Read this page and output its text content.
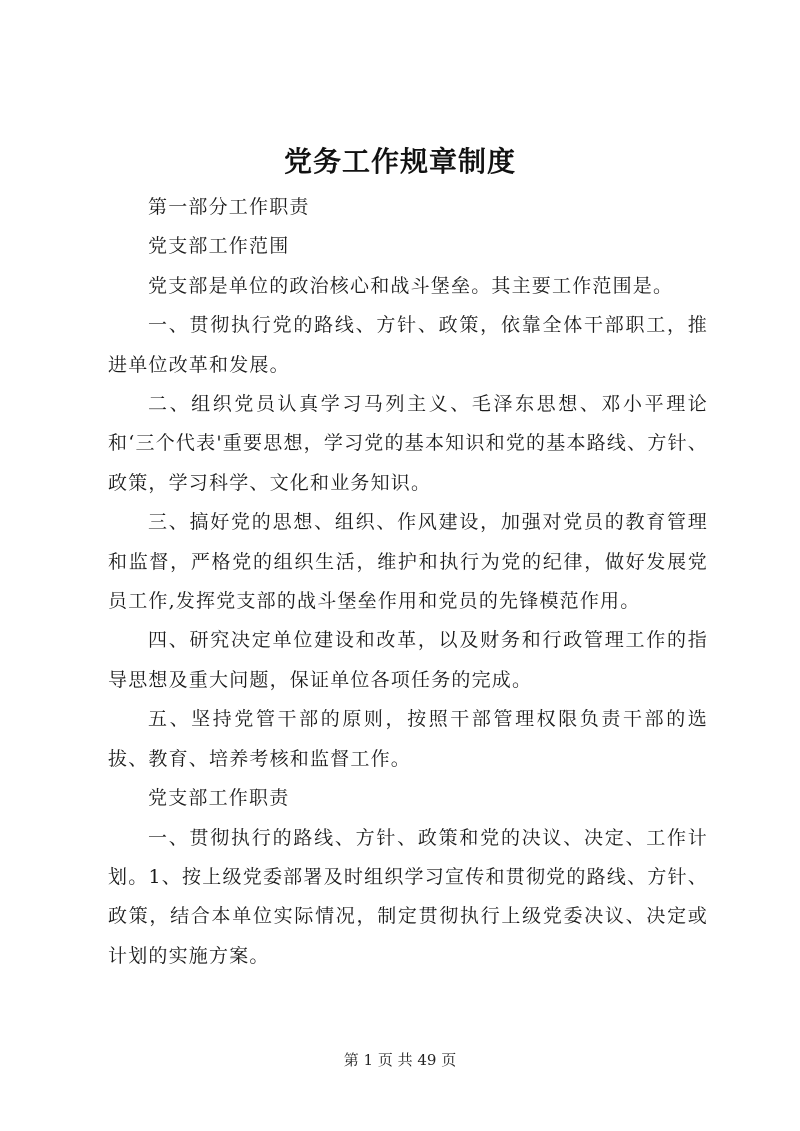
党务工作规章制度

第一部分工作职责

党支部工作范围

党支部是单位的政治核心和战斗堡垒。其主要工作范围是。

一、贯彻执行党的路线、方针、政策，依靠全体干部职工，推进单位改革和发展。

二、组织党员认真学习马列主义、毛泽东思想、邓小平理论和‘三个代表'重要思想，学习党的基本知识和党的基本路线、方针、政策，学习科学、文化和业务知识。

三、搞好党的思想、组织、作风建设，加强对党员的教育管理和监督，严格党的组织生活，维护和执行为党的纪律，做好发展党员工作,发挥党支部的战斗堡垒作用和党员的先锋模范作用。

四、研究决定单位建设和改革，以及财务和行政管理工作的指导思想及重大问题，保证单位各项任务的完成。

五、坚持党管干部的原则，按照干部管理权限负责干部的选拔、教育、培养考核和监督工作。

党支部工作职责

一、贯彻执行的路线、方针、政策和党的决议、决定、工作计划。1、按上级党委部署及时组织学习宣传和贯彻党的路线、方针、政策，结合本单位实际情况，制定贯彻执行上级党委决议、决定或计划的实施方案。

第 1 页 共 49 页
